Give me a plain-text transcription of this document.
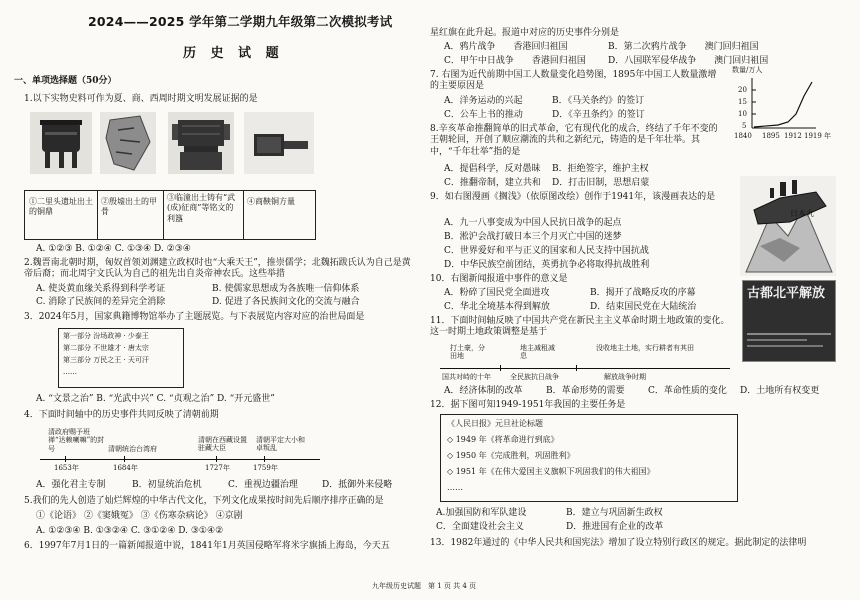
2024——2025 学年第二学期九年级第二次模拟考试
历 史 试 题
一、单项选择题（50分）
1.以下实物史料可作为夏、商、西周时期文明发展证据的是
①二里头遗址出土的铜鼎
②殷墟出土的甲骨
③临潼出土铸有“武(成)征商”等铭文的利簋
④商鞅铜方量
A. ①②③ B. ①②④ C. ①③④ D. ②③④
2.魏晋南北朝时期，匈奴首领刘渊建立政权时也“大乘天王”，推崇儒学；北魏拓跋氏认为自己是黄帝后裔；而北周宇文氏认为自己的祖先出自炎帝神农氏。这些举措
A. 使炎黄血缘关系得到科学考证	B. 使儒家思想成为各族唯一信仰体系
C. 消除了民族间的差异完全消除	D. 促进了各民族间文化的交流与融合
3．2024年5月，国家典籍博物馆举办了主题展览。与下表展览内容对应的治世局面是
第一部分 汾场政神 · 少泰王
第二部分 不世雄才 · 唐太宗
第三部分 万民之王 · 天可汗
……
A. “文景之治” B. “光武中兴” C. “贞观之治” D. “开元盛世”
4．下面时间轴中的历史事件共同反映了清朝前期
清政府赐予班禅“达赖喇嘛”的封号	清朝统治台湾府
清朝在西藏设置驻藏大臣
清朝平定大小和卓叛乱
1653年	1684年	1727年	1759年
A．强化君主专制	B．初显统治危机	C．重视边疆治理	D．抵御外来侵略
5.我们的先人创造了灿烂辉煌的中华古代文化，下列文化成果按时间先后顺序排序正确的是
①《论语》 ②《窦娥冤》 ③《伤寒杂病论》 ④京剧
A. ①②③④ B. ①③②④ C. ③①②④ D. ③①④②
6．1997年7月1日的一篇新闻报道中说，1841年1月英国侵略军将米字旗插上海岛，今天五
星红旗在此升起。报道中对应的历史事件分别是
A．鸦片战争　　香港回归祖国	B．第二次鸦片战争　　澳门回归祖国
C．甲午中日战争　　香港回归祖国 D．八国联军侵华战争　　澳门回归祖国
7. 右图为近代前期中国工人数量变化趋势图，1895年中国工人数量激增的主要原因是
A．洋务运动的兴起	B．《马关条约》的签订
C．公车上书的推动	D．《辛丑条约》的签订
数量/万人
20
15
10
5
1840 1895 1912 1919 年
8.辛亥革命推翻简单的旧式革命，它有现代化的成合，终结了千年不变的王朝轮回，开创了顺应潮流的共和之新纪元，铸造的是千年壮举。其中，“千年壮举”指的是
A．提倡科学，反对愚昧 B．拒绝签字，维护主权
C．推翻帝制，建立共和 D．打击旧制，思想启蒙
日本丸
9．如右图漫画《搁浅》（依原图改绘）创作于1941年，该漫画表达的是
A．九一八事变成为中国人民抗日战争的起点
B．淞沪会战打破日本三个月灭亡中国的迷梦
C．世界爱好和平与正义的国家和人民支持中国抗战
D．中华民族空前团结，英勇抗争必将取得抗战胜利
古都北平解放
10．右图新闻报道中事件的意义是
A．粉碎了国民党全面进攻	B．揭开了战略反攻的序幕
C．华北全境基本得到解放	D．结束国民党在大陆统治
11．下面时间轴反映了中国共产党在新民主主义革命时期土地政策的变化。这一时期土地政策调整是基于
打土豪，分田地
地主减租减息
没收地主土地，实行耕者有其田
国共对峙的十年	全民族抗日战争	解放战争时期
A．经济体制的改革	B．革命形势的需要	C．革命性质的变化 D．土地所有权变更
12．据下图可知1949-1951年我国的主要任务是
《人民日报》元旦社论标题
◇ 1949 年《将革命进行到底》
◇ 1950 年《完成胜利，巩固胜利》
◇ 1951 年《在伟大爱国主义旗帜下巩固我们的伟大祖国》
……
A.加强国防和军队建设	B．建立与巩固新生政权
C．全面建设社会主义	D．推进国有企业的改革
13．1982年通过的《中华人民共和国宪法》增加了设立特别行政区的规定。据此制定的法律明
九年级历史试题　第 1 页 共 4 页
